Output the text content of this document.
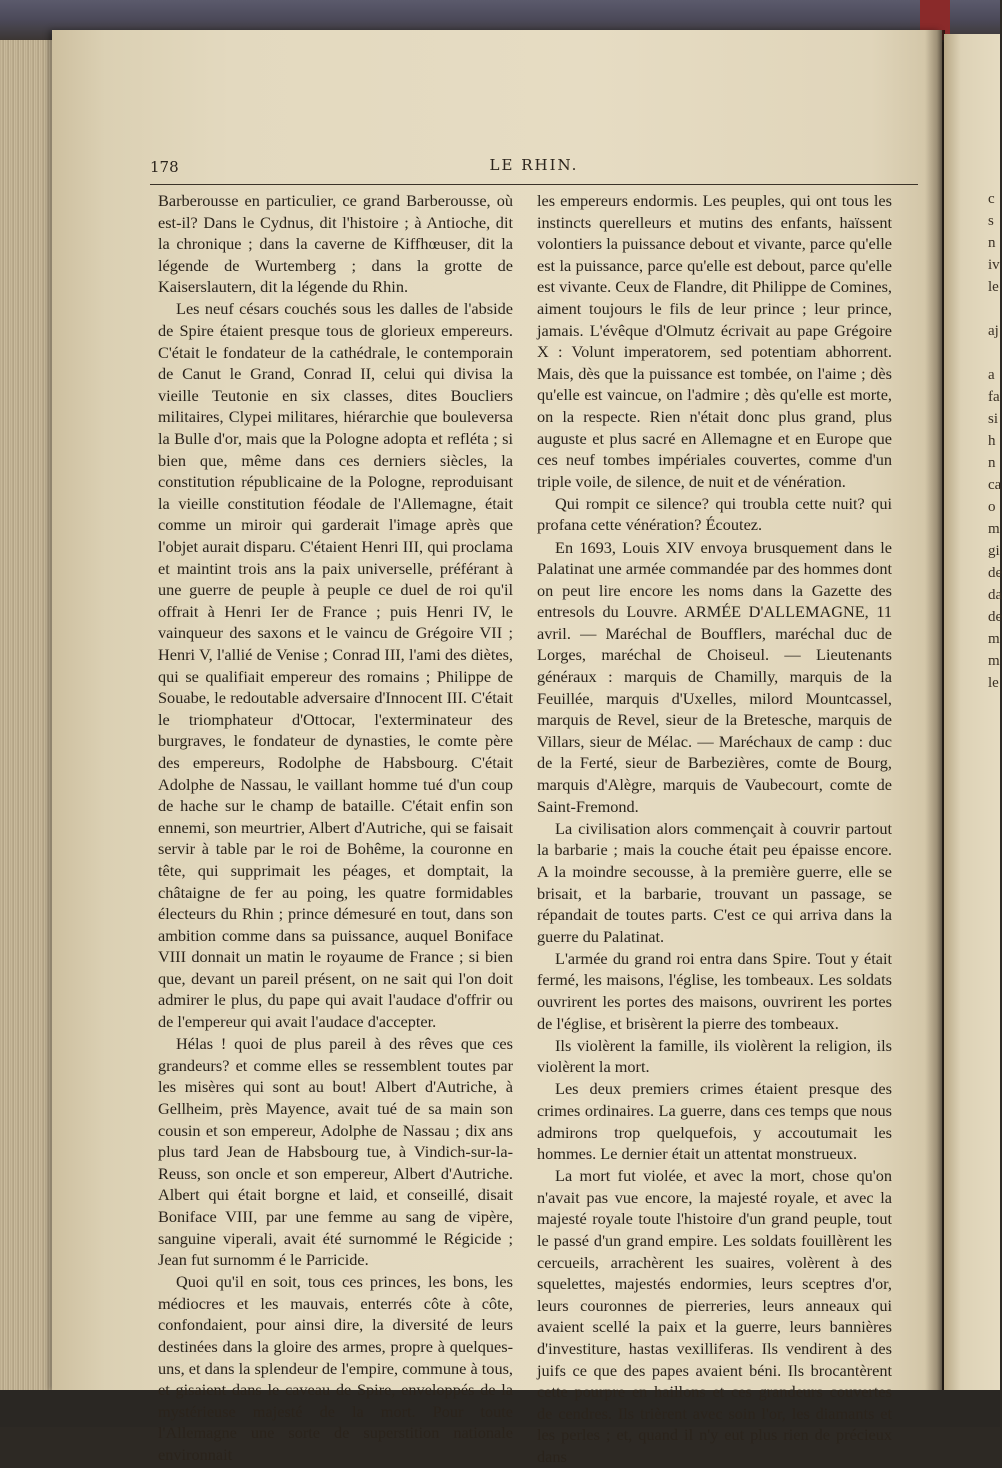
c
s
n
iv
le
aj
a
fa
si
h
n
ca
o
m
gi
de
da
de
m
m
le
178	LE RHIN.

Barberousse en particulier, ce grand Barberousse, où est-il? Dans le Cydnus, dit l'histoire ; à Antioche, dit la chronique ; dans la caverne de Kiffhœuser, dit la légende de Wurtemberg ; dans la grotte de Kaiserslautern, dit la légende du Rhin.

Les neuf césars couchés sous les dalles de l'abside de Spire étaient presque tous de glorieux empereurs. C'était le fondateur de la cathédrale, le contemporain de Canut le Grand, Conrad II, celui qui divisa la vieille Teutonie en six classes, dites Boucliers militaires, Clypei militares, hiérarchie que bouleversa la Bulle d'or, mais que la Pologne adopta et refléta ; si bien que, même dans ces derniers siècles, la constitution républicaine de la Pologne, reproduisant la vieille constitution féodale de l'Allemagne, était comme un miroir qui garderait l'image après que l'objet aurait disparu. C'étaient Henri III, qui proclama et maintint trois ans la paix universelle, préférant à une guerre de peuple à peuple ce duel de roi qu'il offrait à Henri Ier de France ; puis Henri IV, le vainqueur des saxons et le vaincu de Grégoire VII ; Henri V, l'allié de Venise ; Conrad III, l'ami des diètes, qui se qualifiait empereur des romains ; Philippe de Souabe, le redoutable adversaire d'Innocent III. C'était le triomphateur d'Ottocar, l'exterminateur des burgraves, le fondateur de dynasties, le comte père des empereurs, Rodolphe de Habsbourg. C'était Adolphe de Nassau, le vaillant homme tué d'un coup de hache sur le champ de bataille. C'était enfin son ennemi, son meurtrier, Albert d'Autriche, qui se faisait servir à table par le roi de Bohême, la couronne en tête, qui supprimait les péages, et domptait, la châtaigne de fer au poing, les quatre formidables électeurs du Rhin ; prince démesuré en tout, dans son ambition comme dans sa puissance, auquel Boniface VIII donnait un matin le royaume de France ; si bien que, devant un pareil présent, on ne sait qui l'on doit admirer le plus, du pape qui avait l'audace d'offrir ou de l'empereur qui avait l'audace d'accepter.

Hélas ! quoi de plus pareil à des rêves que ces grandeurs? et comme elles se ressemblent toutes par les misères qui sont au bout! Albert d'Autriche, à Gellheim, près Mayence, avait tué de sa main son cousin et son empereur, Adolphe de Nassau ; dix ans plus tard Jean de Habsbourg tue, à Vindich-sur-la-Reuss, son oncle et son empereur, Albert d'Autriche. Albert qui était borgne et laid, et conseillé, disait Boniface VIII, par une femme au sang de vipère, sanguine viperali, avait été surnommé le Régicide ; Jean fut surnomm é le Parricide.

Quoi qu'il en soit, tous ces princes, les bons, les médiocres et les mauvais, enterrés côte à côte, confondaient, pour ainsi dire, la diversité de leurs destinées dans la gloire des armes, propre à quelques-uns, et dans la splendeur de l'empire, commune à tous, et gisaient dans le caveau de Spire, enveloppés de la mystérieuse majesté de la mort. Pour toute l'Allemagne une sorte de superstition nationale environnait

les empereurs endormis. Les peuples, qui ont tous les instincts querelleurs et mutins des enfants, haïssent volontiers la puissance debout et vivante, parce qu'elle est la puissance, parce qu'elle est debout, parce qu'elle est vivante. Ceux de Flandre, dit Philippe de Comines, aiment toujours le fils de leur prince ; leur prince, jamais. L'évêque d'Olmutz écrivait au pape Grégoire X : Volunt imperatorem, sed potentiam abhorrent. Mais, dès que la puissance est tombée, on l'aime ; dès qu'elle est vaincue, on l'admire ; dès qu'elle est morte, on la respecte. Rien n'était donc plus grand, plus auguste et plus sacré en Allemagne et en Europe que ces neuf tombes impériales couvertes, comme d'un triple voile, de silence, de nuit et de vénération.

Qui rompit ce silence? qui troubla cette nuit? qui profana cette vénération? Écoutez.

En 1693, Louis XIV envoya brusquement dans le Palatinat une armée commandée par des hommes dont on peut lire encore les noms dans la Gazette des entresols du Louvre. ARMÉE D'ALLEMAGNE, 11 avril. — Maréchal de Boufflers, maréchal duc de Lorges, maréchal de Choiseul. — Lieutenants généraux : marquis de Chamilly, marquis de la Feuillée, marquis d'Uxelles, milord Mountcassel, marquis de Revel, sieur de la Bretesche, marquis de Villars, sieur de Mélac. — Maréchaux de camp : duc de la Ferté, sieur de Barbezières, comte de Bourg, marquis d'Alègre, marquis de Vaubecourt, comte de Saint-Fremond.

La civilisation alors commençait à couvrir partout la barbarie ; mais la couche était peu épaisse encore. A la moindre secousse, à la première guerre, elle se brisait, et la barbarie, trouvant un passage, se répandait de toutes parts. C'est ce qui arriva dans la guerre du Palatinat.

L'armée du grand roi entra dans Spire. Tout y était fermé, les maisons, l'église, les tombeaux. Les soldats ouvrirent les portes des maisons, ouvrirent les portes de l'église, et brisèrent la pierre des tombeaux.

Ils violèrent la famille, ils violèrent la religion, ils violèrent la mort.

Les deux premiers crimes étaient presque des crimes ordinaires. La guerre, dans ces temps que nous admirons trop quelquefois, y accoutumait les hommes. Le dernier était un attentat monstrueux.

La mort fut violée, et avec la mort, chose qu'on n'avait pas vue encore, la majesté royale, et avec la majesté royale toute l'histoire d'un grand peuple, tout le passé d'un grand empire. Les soldats fouillèrent les cercueils, arrachèrent les suaires, volèrent à des squelettes, majestés endormies, leurs sceptres d'or, leurs couronnes de pierreries, leurs anneaux qui avaient scellé la paix et la guerre, leurs bannières d'investiture, hastas vexilliferas. Ils vendirent à des juifs ce que des papes avaient béni. Ils brocantèrent cette pourpre en haillons et ces grandeurs couvertes de cendres. Ils trièrent avec soin l'or, les diamants et les perles ; et, quand il n'y eut plus rien de précieux dans
